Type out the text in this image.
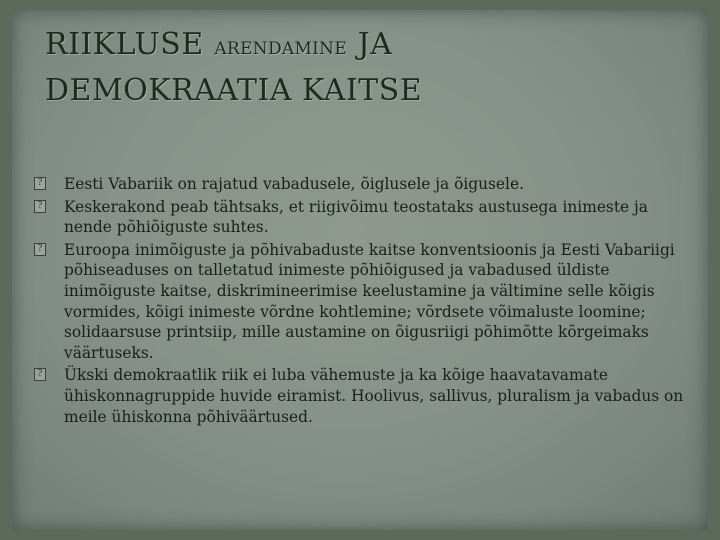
RIIKLUSE ARENDAMINE JA
DEMOKRAATIA KAITSE
? Eesti Vabariik on rajatud vabadusele, õiglusele ja õigusele.
? Keskerakond peab tähtsaks, et riigivõimu teostataks austusega inimeste ja nende põhiõiguste suhtes.
? Euroopa inimõiguste ja põhivabaduste kaitse konventsioonis ja Eesti Vabariigi põhiseaduses on talletatud inimeste põhiõigused ja vabadused üldiste inimõiguste kaitse, diskrimineerimise keelustamine ja vältimine selle kõigis vormides, kõigi inimeste võrdne kohtlemine; võrdsete võimaluste loomine; solidaarsuse printsiip, mille austamine on õigusriigi põhimõtte kõrgeimaks väärtuseks.
? Ükski demokraatlik riik ei luba vähemuste ja ka kõige haavatavamate ühiskonnagruppide huvide eiramist. Hoolivus, sallivus, pluralism ja vabadus on meile ühiskonna põhiväärtused.
